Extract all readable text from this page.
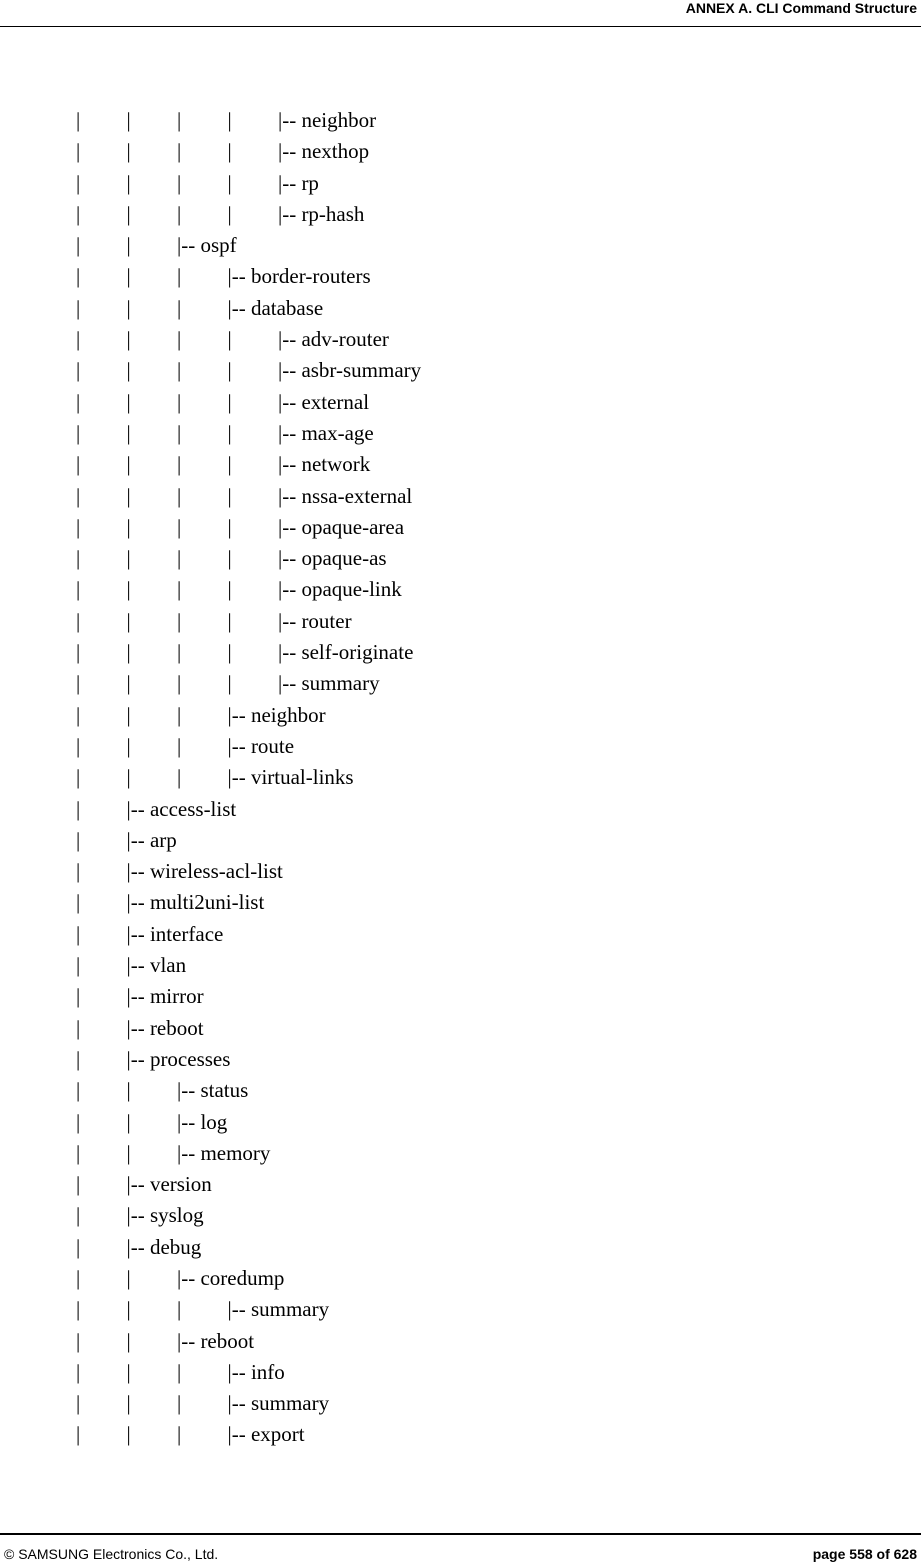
ANNEX A. CLI Command Structure
| | | | |-- neighbor
| | | | |-- nexthop
| | | | |-- rp
| | | | |-- rp-hash
| | |-- ospf
| | | |-- border-routers
| | | |-- database
| | | | |-- adv-router
| | | | |-- asbr-summary
| | | | |-- external
| | | | |-- max-age
| | | | |-- network
| | | | |-- nssa-external
| | | | |-- opaque-area
| | | | |-- opaque-as
| | | | |-- opaque-link
| | | | |-- router
| | | | |-- self-originate
| | | | |-- summary
| | | |-- neighbor
| | | |-- route
| | | |-- virtual-links
| |-- access-list
| |-- arp
| |-- wireless-acl-list
| |-- multi2uni-list
| |-- interface
| |-- vlan
| |-- mirror
| |-- reboot
| |-- processes
| | |-- status
| | |-- log
| | |-- memory
| |-- version
| |-- syslog
| |-- debug
| | |-- coredump
| | | |-- summary
| | |-- reboot
| | | |-- info
| | | |-- summary
| | | |-- export
© SAMSUNG Electronics Co., Ltd.	page 558 of 628
